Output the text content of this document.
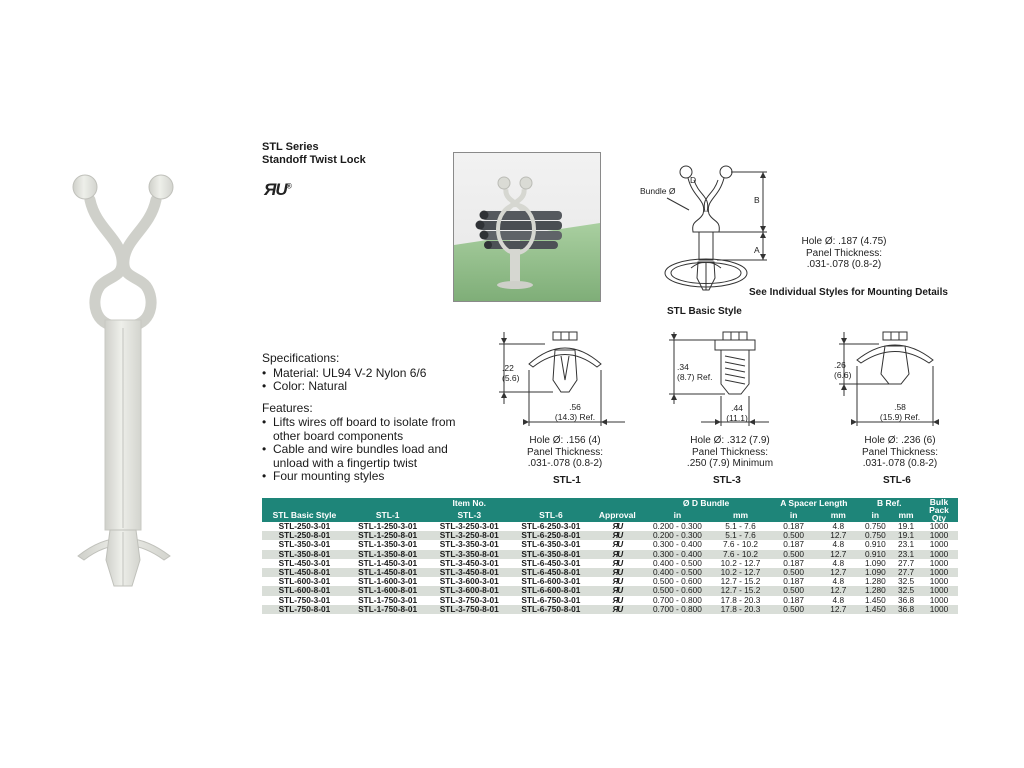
STL Series
Standoff Twist Lock
ЯU®
D
Bundle Ø
B
A
Hole Ø: .187 (4.75)
Panel Thickness:
.031-.078 (0.8-2)
See Individual Styles for Mounting Details
STL Basic Style
.22
(5.6)
.56
(14.3) Ref.
Hole Ø: .156 (4)
Panel Thickness:
.031-.078 (0.8-2)
STL-1
.34
(8.7) Ref.
.44
(11.1)
Hole Ø: .312 (7.9)
Panel Thickness:
.250 (7.9) Minimum
STL-3
.26
(6.6)
.58
(15.9) Ref.
Hole Ø: .236 (6)
Panel Thickness:
.031-.078 (0.8-2)
STL-6
Specifications:
• Material: UL94 V-2 Nylon 6/6
• Color: Natural
Features:
• Lifts wires off board to isolate from other board components
• Cable and wire bundles load and unload with a fingertip twist
• Four mounting styles
	Item No.				Ø D Bundle		A Spacer Length		B Ref.		Bulk Pack Qty
STL Basic Style	STL-1	STL-3	STL-6	Approval	in	mm	in	mm	in	mm	
STL-250-3-01	STL-1-250-3-01	STL-3-250-3-01	STL-6-250-3-01	ЯU	0.200 - 0.300	5.1 - 7.6	0.187	4.8	0.750	19.1	1000
STL-250-8-01	STL-1-250-8-01	STL-3-250-8-01	STL-6-250-8-01	ЯU	0.200 - 0.300	5.1 - 7.6	0.500	12.7	0.750	19.1	1000
STL-350-3-01	STL-1-350-3-01	STL-3-350-3-01	STL-6-350-3-01	ЯU	0.300 - 0.400	7.6 - 10.2	0.187	4.8	0.910	23.1	1000
STL-350-8-01	STL-1-350-8-01	STL-3-350-8-01	STL-6-350-8-01	ЯU	0.300 - 0.400	7.6 - 10.2	0.500	12.7	0.910	23.1	1000
STL-450-3-01	STL-1-450-3-01	STL-3-450-3-01	STL-6-450-3-01	ЯU	0.400 - 0.500	10.2 - 12.7	0.187	4.8	1.090	27.7	1000
STL-450-8-01	STL-1-450-8-01	STL-3-450-8-01	STL-6-450-8-01	ЯU	0.400 - 0.500	10.2 - 12.7	0.500	12.7	1.090	27.7	1000
STL-600-3-01	STL-1-600-3-01	STL-3-600-3-01	STL-6-600-3-01	ЯU	0.500 - 0.600	12.7 - 15.2	0.187	4.8	1.280	32.5	1000
STL-600-8-01	STL-1-600-8-01	STL-3-600-8-01	STL-6-600-8-01	ЯU	0.500 - 0.600	12.7 - 15.2	0.500	12.7	1.280	32.5	1000
STL-750-3-01	STL-1-750-3-01	STL-3-750-3-01	STL-6-750-3-01	ЯU	0.700 - 0.800	17.8 - 20.3	0.187	4.8	1.450	36.8	1000
STL-750-8-01	STL-1-750-8-01	STL-3-750-8-01	STL-6-750-8-01	ЯU	0.700 - 0.800	17.8 - 20.3	0.500	12.7	1.450	36.8	1000
